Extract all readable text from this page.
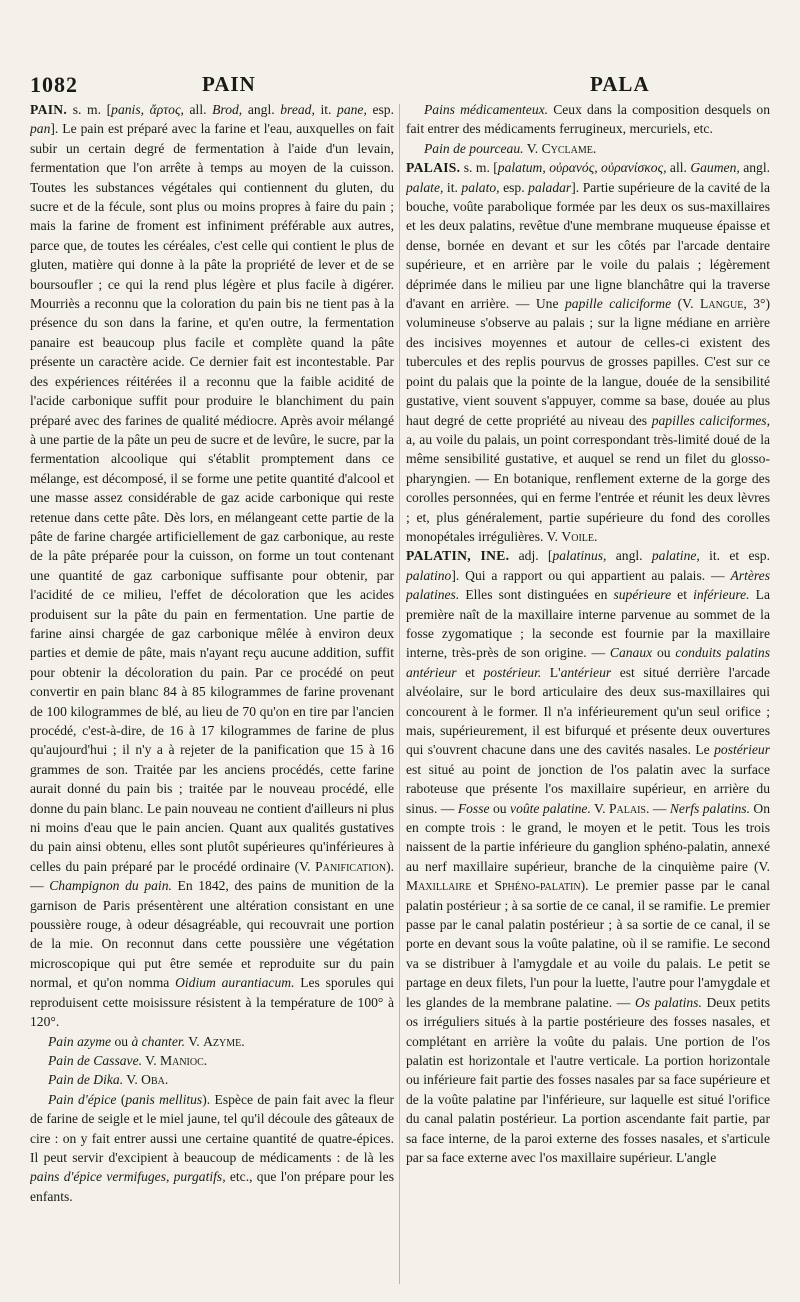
1082	PAIN	PALA

PAIN. s. m. [panis, ἄρτος, all. Brod, angl. bread, it. pane, esp. pan]. Le pain est préparé avec la farine et l'eau, auxquelles on fait subir un certain degré de fermentation à l'aide d'un levain, fermentation que l'on arrête à temps au moyen de la cuisson. Toutes les substances végétales qui contiennent du gluten, du sucre et de la fécule, sont plus ou moins propres à faire du pain ; mais la farine de froment est infiniment préférable aux autres, parce que, de toutes les céréales, c'est celle qui contient le plus de gluten, matière qui donne à la pâte la propriété de lever et de se boursoufler ; ce qui la rend plus légère et plus facile à digérer. Mourriès a reconnu que la coloration du pain bis ne tient pas à la présence du son dans la farine, et qu'en outre, la fermentation panaire est beaucoup plus facile et complète quand la pâte présente un caractère acide. Ce dernier fait est incontestable. Par des expériences réitérées il a reconnu que la faible acidité de l'acide carbonique suffit pour produire le blanchiment du pain préparé avec des farines de qualité médiocre. Après avoir mélangé à une partie de la pâte un peu de sucre et de levûre, le sucre, par la fermentation alcoolique qui s'établit promptement dans ce mélange, est décomposé, il se forme une petite quantité d'alcool et une masse assez considérable de gaz acide carbonique qui reste retenue dans cette pâte. Dès lors, en mélangeant cette partie de la pâte de farine chargée artificiellement de gaz carbonique, au reste de la pâte préparée pour la cuisson, on forme un tout contenant une quantité de gaz carbonique suffisante pour obtenir, par l'acidité de ce milieu, l'effet de décoloration que les acides produisent sur la pâte du pain en fermentation. Une partie de farine ainsi chargée de gaz carbonique mêlée à environ deux parties et demie de pâte, mais n'ayant reçu aucune addition, suffit pour obtenir la décoloration du pain. Par ce procédé on peut convertir en pain blanc 84 à 85 kilogrammes de farine provenant de 100 kilogrammes de blé, au lieu de 70 qu'on en tire par l'ancien procédé, c'est-à-dire, de 16 à 17 kilogrammes de farine de plus qu'aujourd'hui ; il n'y a à rejeter de la panification que 15 à 16 grammes de son. Traitée par les anciens procédés, cette farine aurait donné du pain bis ; traitée par le nouveau procédé, elle donne du pain blanc. Le pain nouveau ne contient d'ailleurs ni plus ni moins d'eau que le pain ancien. Quant aux qualités gustatives du pain ainsi obtenu, elles sont plutôt supérieures qu'inférieures à celles du pain préparé par le procédé ordinaire (V. Panification). — Champignon du pain. En 1842, des pains de munition de la garnison de Paris présentèrent une altération consistant en une poussière rouge, à odeur désagréable, qui recouvrait une portion de la mie. On reconnut dans cette poussière une végétation microscopique qui put être semée et reproduite sur du pain normal, et qu'on nomma Oidium aurantiacum. Les sporules qui reproduisent cette moisissure résistent à la température de 100° à 120°.

Pain azyme ou à chanter. V. Azyme.

Pain de Cassave. V. Manioc.

Pain de Dika. V. Oba.

Pain d'épice (panis mellitus). Espèce de pain fait avec la fleur de farine de seigle et le miel jaune, tel qu'il découle des gâteaux de cire : on y fait entrer aussi une certaine quantité de quatre-épices. Il peut servir d'excipient à beaucoup de médicaments : de là les pains d'épice vermifuges, purgatifs, etc., que l'on prépare pour les enfants.

Pains médicamenteux. Ceux dans la composition desquels on fait entrer des médicaments ferrugineux, mercuriels, etc.

Pain de pourceau. V. Cyclame.

PALAIS. s. m. [palatum, οὐρανός, οὐρανίσκος, all. Gaumen, angl. palate, it. palato, esp. paladar]. Partie supérieure de la cavité de la bouche, voûte parabolique formée par les deux os sus-maxillaires et les deux palatins, revêtue d'une membrane muqueuse épaisse et dense, bornée en devant et sur les côtés par l'arcade dentaire supérieure, et en arrière par le voile du palais ; légèrement déprimée dans le milieu par une ligne blanchâtre qui la traverse d'avant en arrière. — Une papille caliciforme (V. Langue, 3°) volumineuse s'observe au palais ; sur la ligne médiane en arrière des incisives moyennes et autour de celles-ci existent des tubercules et des replis pourvus de grosses papilles. C'est sur ce point du palais que la pointe de la langue, douée de la sensibilité gustative, vient souvent s'appuyer, comme sa base, douée au plus haut degré de cette propriété au niveau des papilles caliciformes, a, au voile du palais, un point correspondant très-limité doué de la même sensibilité gustative, et auquel se rend un filet du glosso-pharyngien. — En botanique, renflement externe de la gorge des corolles personnées, qui en ferme l'entrée et réunit les deux lèvres ; et, plus généralement, partie supérieure du fond des corolles monopétales irrégulières. V. Voile.

PALATIN, INE. adj. [palatinus, angl. palatine, it. et esp. palatino]. Qui a rapport ou qui appartient au palais. — Artères palatines. Elles sont distinguées en supérieure et inférieure. La première naît de la maxillaire interne parvenue au sommet de la fosse zygomatique ; la seconde est fournie par la maxillaire interne, très-près de son origine. — Canaux ou conduits palatins antérieur et postérieur. L'antérieur est situé derrière l'arcade alvéolaire, sur le bord articulaire des deux sus-maxillaires qui concourent à le former. Il n'a inférieurement qu'un seul orifice ; mais, supérieurement, il est bifurqué et présente deux ouvertures qui s'ouvrent chacune dans une des cavités nasales. Le postérieur est situé au point de jonction de l'os palatin avec la surface raboteuse que présente l'os maxillaire supérieur, en arrière du sinus. — Fosse ou voûte palatine. V. Palais. — Nerfs palatins. On en compte trois : le grand, le moyen et le petit. Tous les trois naissent de la partie inférieure du ganglion sphéno-palatin, annexé au nerf maxillaire supérieur, branche de la cinquième paire (V. Maxillaire et Sphéno-palatin). Le premier passe par le canal palatin postérieur ; à sa sortie de ce canal, il se ramifie. Le premier passe par le canal palatin postérieur ; à sa sortie de ce canal, il se porte en devant sous la voûte palatine, où il se ramifie. Le second va se distribuer à l'amygdale et au voile du palais. Le petit se partage en deux filets, l'un pour la luette, l'autre pour l'amygdale et les glandes de la membrane palatine. — Os palatins. Deux petits os irréguliers situés à la partie postérieure des fosses nasales, et complétant en arrière la voûte du palais. Une portion de l'os palatin est horizontale et l'autre verticale. La portion horizontale ou inférieure fait partie des fosses nasales par sa face supérieure et de la voûte palatine par l'inférieure, sur laquelle est situé l'orifice du canal palatin postérieur. La portion ascendante fait partie, par sa face interne, de la paroi externe des fosses nasales, et s'articule par sa face externe avec l'os maxillaire supérieur. L'angle
